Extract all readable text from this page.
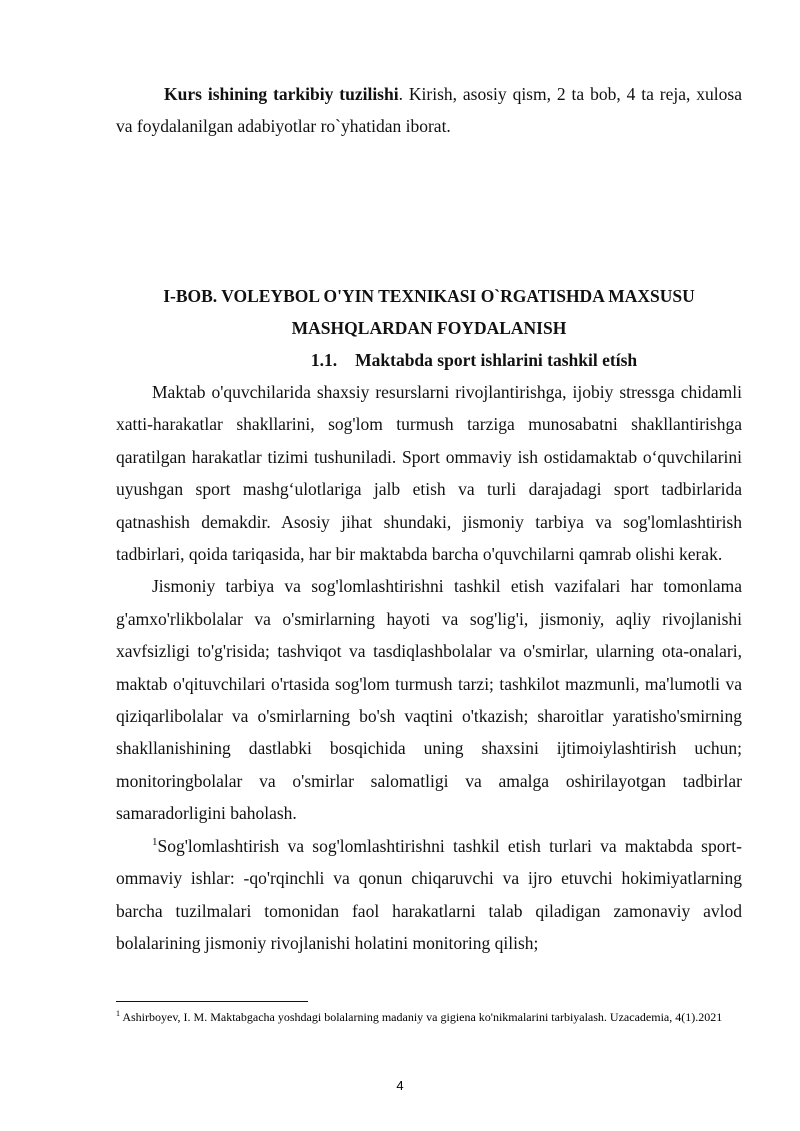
Kurs ishining tarkibiy tuzilishi. Kirish, asosiy qism, 2 ta bob, 4 ta reja, xulosa va foydalanilgan adabiyotlar ro`yhatidan iborat.

I-BOB. VOLEYBOL O'YIN TEXNIKASI O`RGATISHDA MAXSUSU
MASHQLARDAN FOYDALANISH
1.1. Maktabda sport ishlarini tashkil etísh

Maktab o'quvchilarida shaxsiy resurslarni rivojlantirishga, ijobiy stressga chidamli xatti-harakatlar shakllarini, sog'lom turmush tarziga munosabatni shakllantirishga qaratilgan harakatlar tizimi tushuniladi. Sport ommaviy ish ostidamaktab o‘quvchilarini uyushgan sport mashg‘ulotlariga jalb etish va turli darajadagi sport tadbirlarida qatnashish demakdir. Asosiy jihat shundaki, jismoniy tarbiya va sog'lomlashtirish tadbirlari, qoida tariqasida, har bir maktabda barcha o'quvchilarni qamrab olishi kerak.

Jismoniy tarbiya va sog'lomlashtirishni tashkil etish vazifalari har tomonlama g'amxo'rlikbolalar va o'smirlarning hayoti va sog'lig'i, jismoniy, aqliy rivojlanishi xavfsizligi to'g'risida; tashviqot va tasdiqlashbolalar va o'smirlar, ularning ota-onalari, maktab o'qituvchilari o'rtasida sog'lom turmush tarzi; tashkilot mazmunli, ma'lumotli va qiziqarlibolalar va o'smirlarning bo'sh vaqtini o'tkazish; sharoitlar yaratisho'smirning shakllanishining dastlabki bosqichida uning shaxsini ijtimoiylashtirish uchun; monitoringbolalar va o'smirlar salomatligi va amalga oshirilayotgan tadbirlar samaradorligini baholash.

$^1$Sog'lomlashtirish va sog'lomlashtirishni tashkil etish turlari va maktabda sport-ommaviy ishlar: -qo'rqinchli va qonun chiqaruvchi va ijro etuvchi hokimiyatlarning barcha tuzilmalari tomonidan faol harakatlarni talab qiladigan zamonaviy avlod bolalarining jismoniy rivojlanishi holatini monitoring qilish;

$^1$ Ashirboyev, I. M. Maktabgacha yoshdagi bolalarning madaniy va gigiena ko'nikmalarini tarbiyalash. Uzacademia, 4(1).2021
4
